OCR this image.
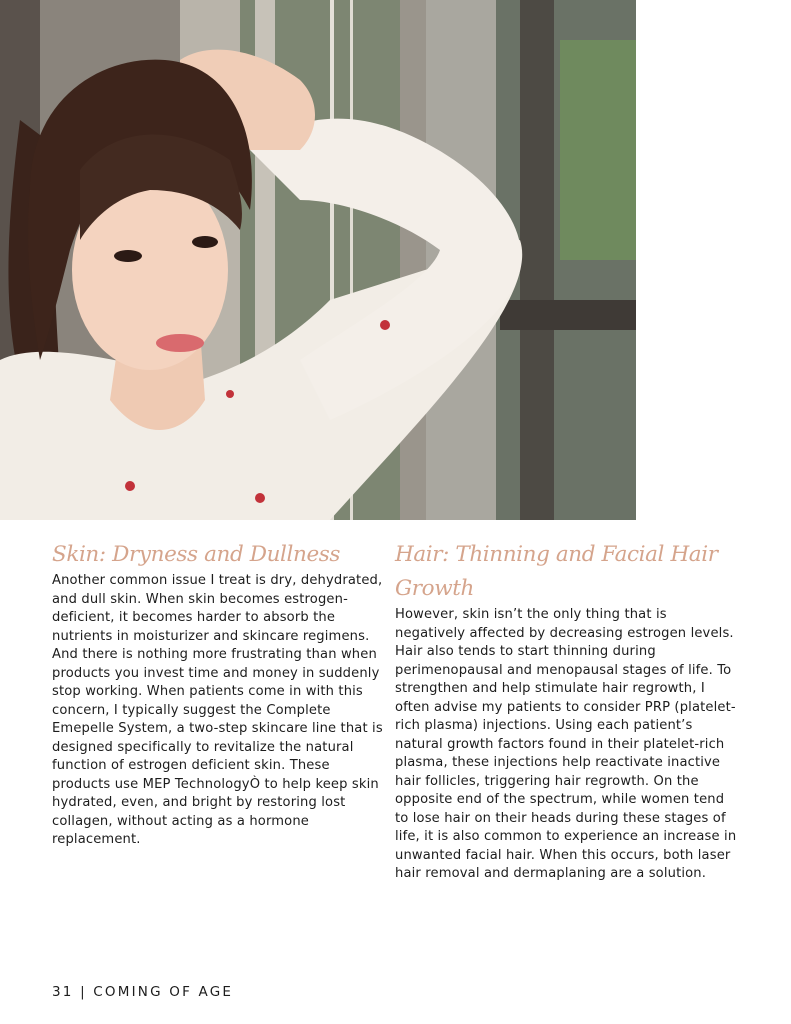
Skin: Dryness and Dullness

Another common issue I treat is dry, dehydrated, and dull skin. When skin becomes estrogen-deficient, it becomes harder to absorb the nutrients in moisturizer and skincare regimens. And there is nothing more frustrating than when products you invest time and money in suddenly stop working. When patients come in with this concern, I typically suggest the Complete Emepelle System, a two-step skincare line that is designed specifically to revitalize the natural function of estrogen deficient skin. These products use MEP TechnologyÒ to help keep skin hydrated, even, and bright by restoring lost collagen, without acting as a hormone replacement.

Hair: Thinning and Facial Hair Growth

However, skin isn’t the only thing that is negatively affected by decreasing estrogen levels. Hair also tends to start thinning during perimenopausal and menopausal stages of life. To strengthen and help stimulate hair regrowth, I often advise my patients to consider PRP (platelet-rich plasma) injections. Using each patient’s natural growth factors found in their platelet-rich plasma, these injections help reactivate inactive hair follicles, triggering hair regrowth. On the opposite end of the spectrum, while women tend to lose hair on their heads during these stages of life, it is also common to experience an increase in unwanted facial hair. When this occurs, both laser hair removal and dermaplaning are a solution.

31 | COMING OF AGE
